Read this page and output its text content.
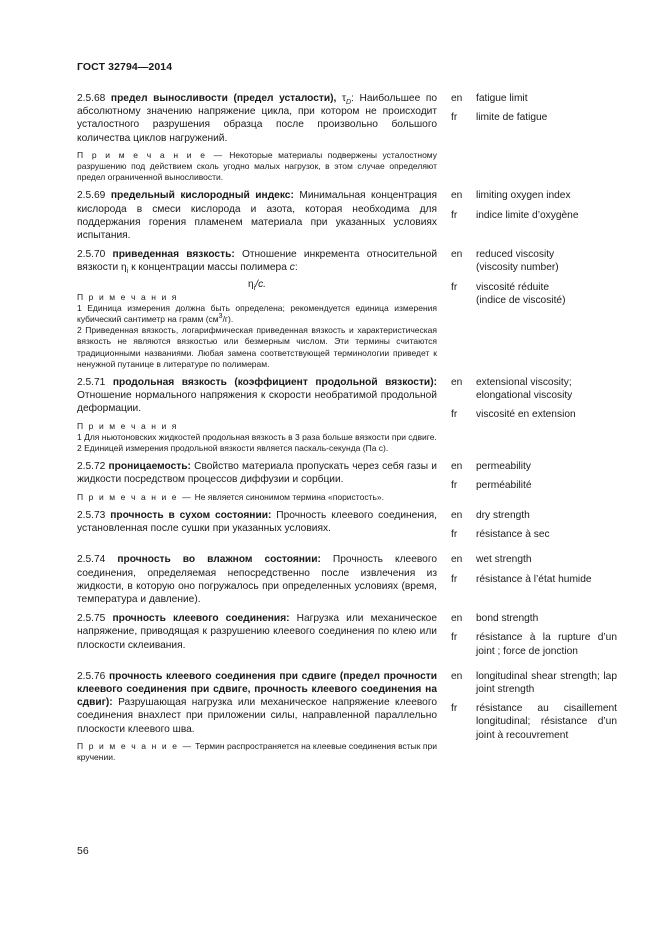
ГОСТ 32794—2014

2.5.68 предел выносливости (предел усталости), $\tau_D$: Наибольшее по абсолютному значению напряжение цикла, при котором не происходит усталостного разрушения образца после произвольно большого количества циклов нагружений.

П р и м е ч а н и е — Некоторые материалы подвержены усталостному разрушению под действием сколь угодно малых нагрузок, в этом случае определяют предел ограниченной выносливости.

en	fatigue limit
fr	limite de fatigue

2.5.69 предельный кислородный индекс: Минимальная концентрация кислорода в смеси кислорода и азота, которая необходима для поддержания горения пламенем материала при указанных условиях испытания.

en	limiting oxygen index
fr	indice limite d’oxygène

2.5.70 приведенная вязкость: Отношение инкремента относительной вязкости $\eta_i$ к концентрации массы полимера c:

$\eta_i/c$.

П р и м е ч а н и я

1 Единица измерения должна быть определена; рекомендуется единица измерения кубический сантиметр на грамм $(см^3/г)$.

2 Приведенная вязкость, логарифмическая приведенная вязкость и характеристическая вязкость не являются вязкостью или безмерным числом. Эти термины считаются традиционными названиями. Любая замена соответствующей терминологии приведет к ненужной путанице в литературе по полимерам.

en	reduced viscosity
(viscosity number)
fr	viscosité réduite
(indice de viscosité)

2.5.71 продольная вязкость (коэффициент продольной вязкости): Отношение нормального напряжения к скорости необратимой продольной деформации.

П р и м е ч а н и я

1 Для ньютоновских жидкостей продольная вязкость в 3 раза больше вязкости при сдвиге.

2 Единицей измерения продольной вязкости является паскаль-секунда (Па с).

en	extensional viscosity;
elongational viscosity
fr	viscosité en extension

2.5.72 проницаемость: Свойство материала пропускать через себя газы и жидкости посредством процессов диффузии и сорбции.

П р и м е ч а н и е — Не является синонимом термина «пористость».

en	permeability
fr	perméabilité

2.5.73 прочность в сухом состоянии: Прочность клеевого соединения, установленная после сушки при указанных условиях.

en	dry strength
fr	résistance à sec

2.5.74 прочность во влажном состоянии: Прочность клеевого соединения, определяемая непосредственно после извлечения из жидкости, в которую оно погружалось при определенных условиях (время, температура и давление).

en	wet strength
fr	résistance à l’état humide

2.5.75 прочность клеевого соединения: Нагрузка или механическое напряжение, приводящая к разрушению клеевого соединения по клею или плоскости склеивания.

en	bond strength
fr	résistance à la rupture d’un joint ; force de jonction

2.5.76 прочность клеевого соединения при сдвиге (предел прочности клеевого соединения при сдвиге, прочность клеевого соединения на сдвиг): Разрушающая нагрузка или механическое напряжение клеевого соединения внахлест при приложении силы, направленной параллельно плоскости клеевого шва.

П р и м е ч а н и е — Термин распространяется на клеевые соединения встык при кручении.

en	longitudinal shear strength; lap joint strength
fr	résistance au cisaillement longitudinal; résistance d’un joint à recouvrement
56
